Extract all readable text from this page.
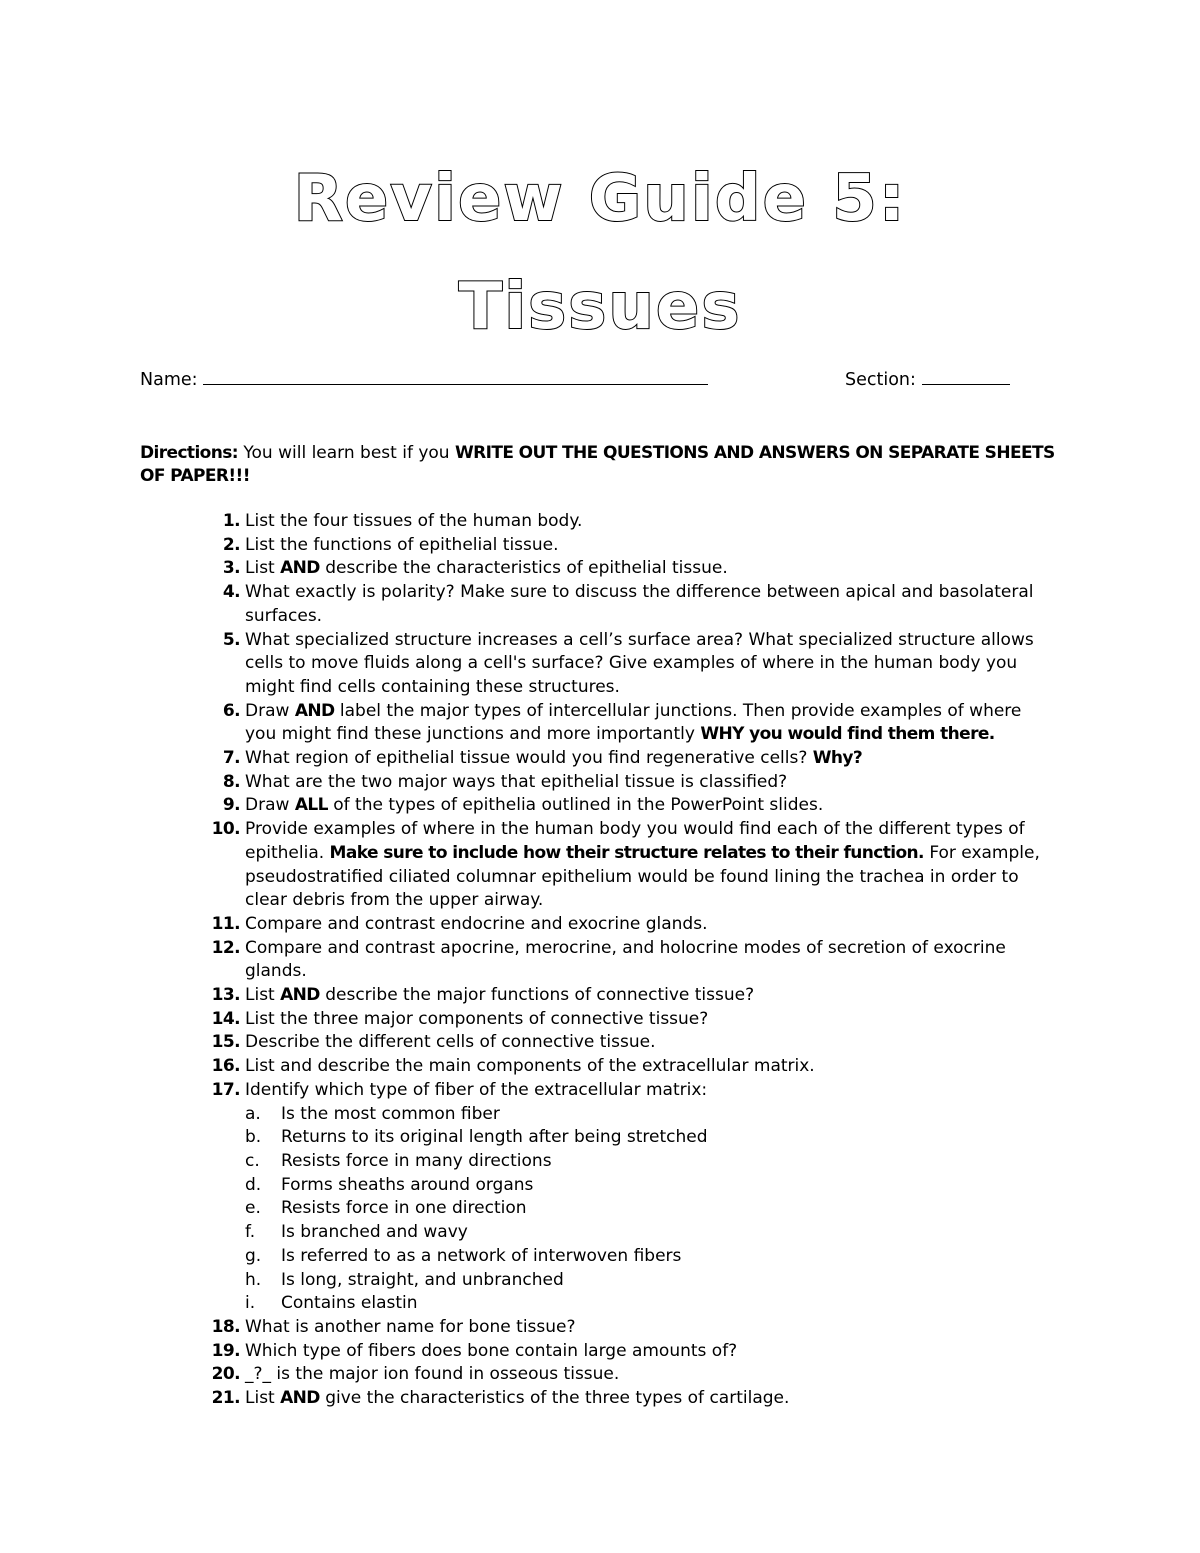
Review Guide 5:
Tissues
Name:	Section:
Directions: You will learn best if you WRITE OUT THE QUESTIONS AND ANSWERS ON SEPARATE SHEETS OF PAPER!!!
1. List the four tissues of the human body.
2. List the functions of epithelial tissue.
3. List AND describe the characteristics of epithelial tissue.
4. What exactly is polarity? Make sure to discuss the difference between apical and basolateral surfaces.
5. What specialized structure increases a cell’s surface area? What specialized structure allows cells to move fluids along a cell's surface? Give examples of where in the human body you might find cells containing these structures.
6. Draw AND label the major types of intercellular junctions. Then provide examples of where you might find these junctions and more importantly WHY you would find them there.
7. What region of epithelial tissue would you find regenerative cells? Why?
8. What are the two major ways that epithelial tissue is classified?
9. Draw ALL of the types of epithelia outlined in the PowerPoint slides.
10. Provide examples of where in the human body you would find each of the different types of epithelia. Make sure to include how their structure relates to their function. For example, pseudostratified ciliated columnar epithelium would be found lining the trachea in order to clear debris from the upper airway.
11. Compare and contrast endocrine and exocrine glands.
12. Compare and contrast apocrine, merocrine, and holocrine modes of secretion of exocrine glands.
13. List AND describe the major functions of connective tissue?
14. List the three major components of connective tissue?
15. Describe the different cells of connective tissue.
16. List and describe the main components of the extracellular matrix.
17. Identify which type of fiber of the extracellular matrix:
a. Is the most common fiber
b. Returns to its original length after being stretched
c. Resists force in many directions
d. Forms sheaths around organs
e. Resists force in one direction
f. Is branched and wavy
g. Is referred to as a network of interwoven fibers
h. Is long, straight, and unbranched
i. Contains elastin
18. What is another name for bone tissue?
19. Which type of fibers does bone contain large amounts of?
20. _?_ is the major ion found in osseous tissue.
21. List AND give the characteristics of the three types of cartilage.
